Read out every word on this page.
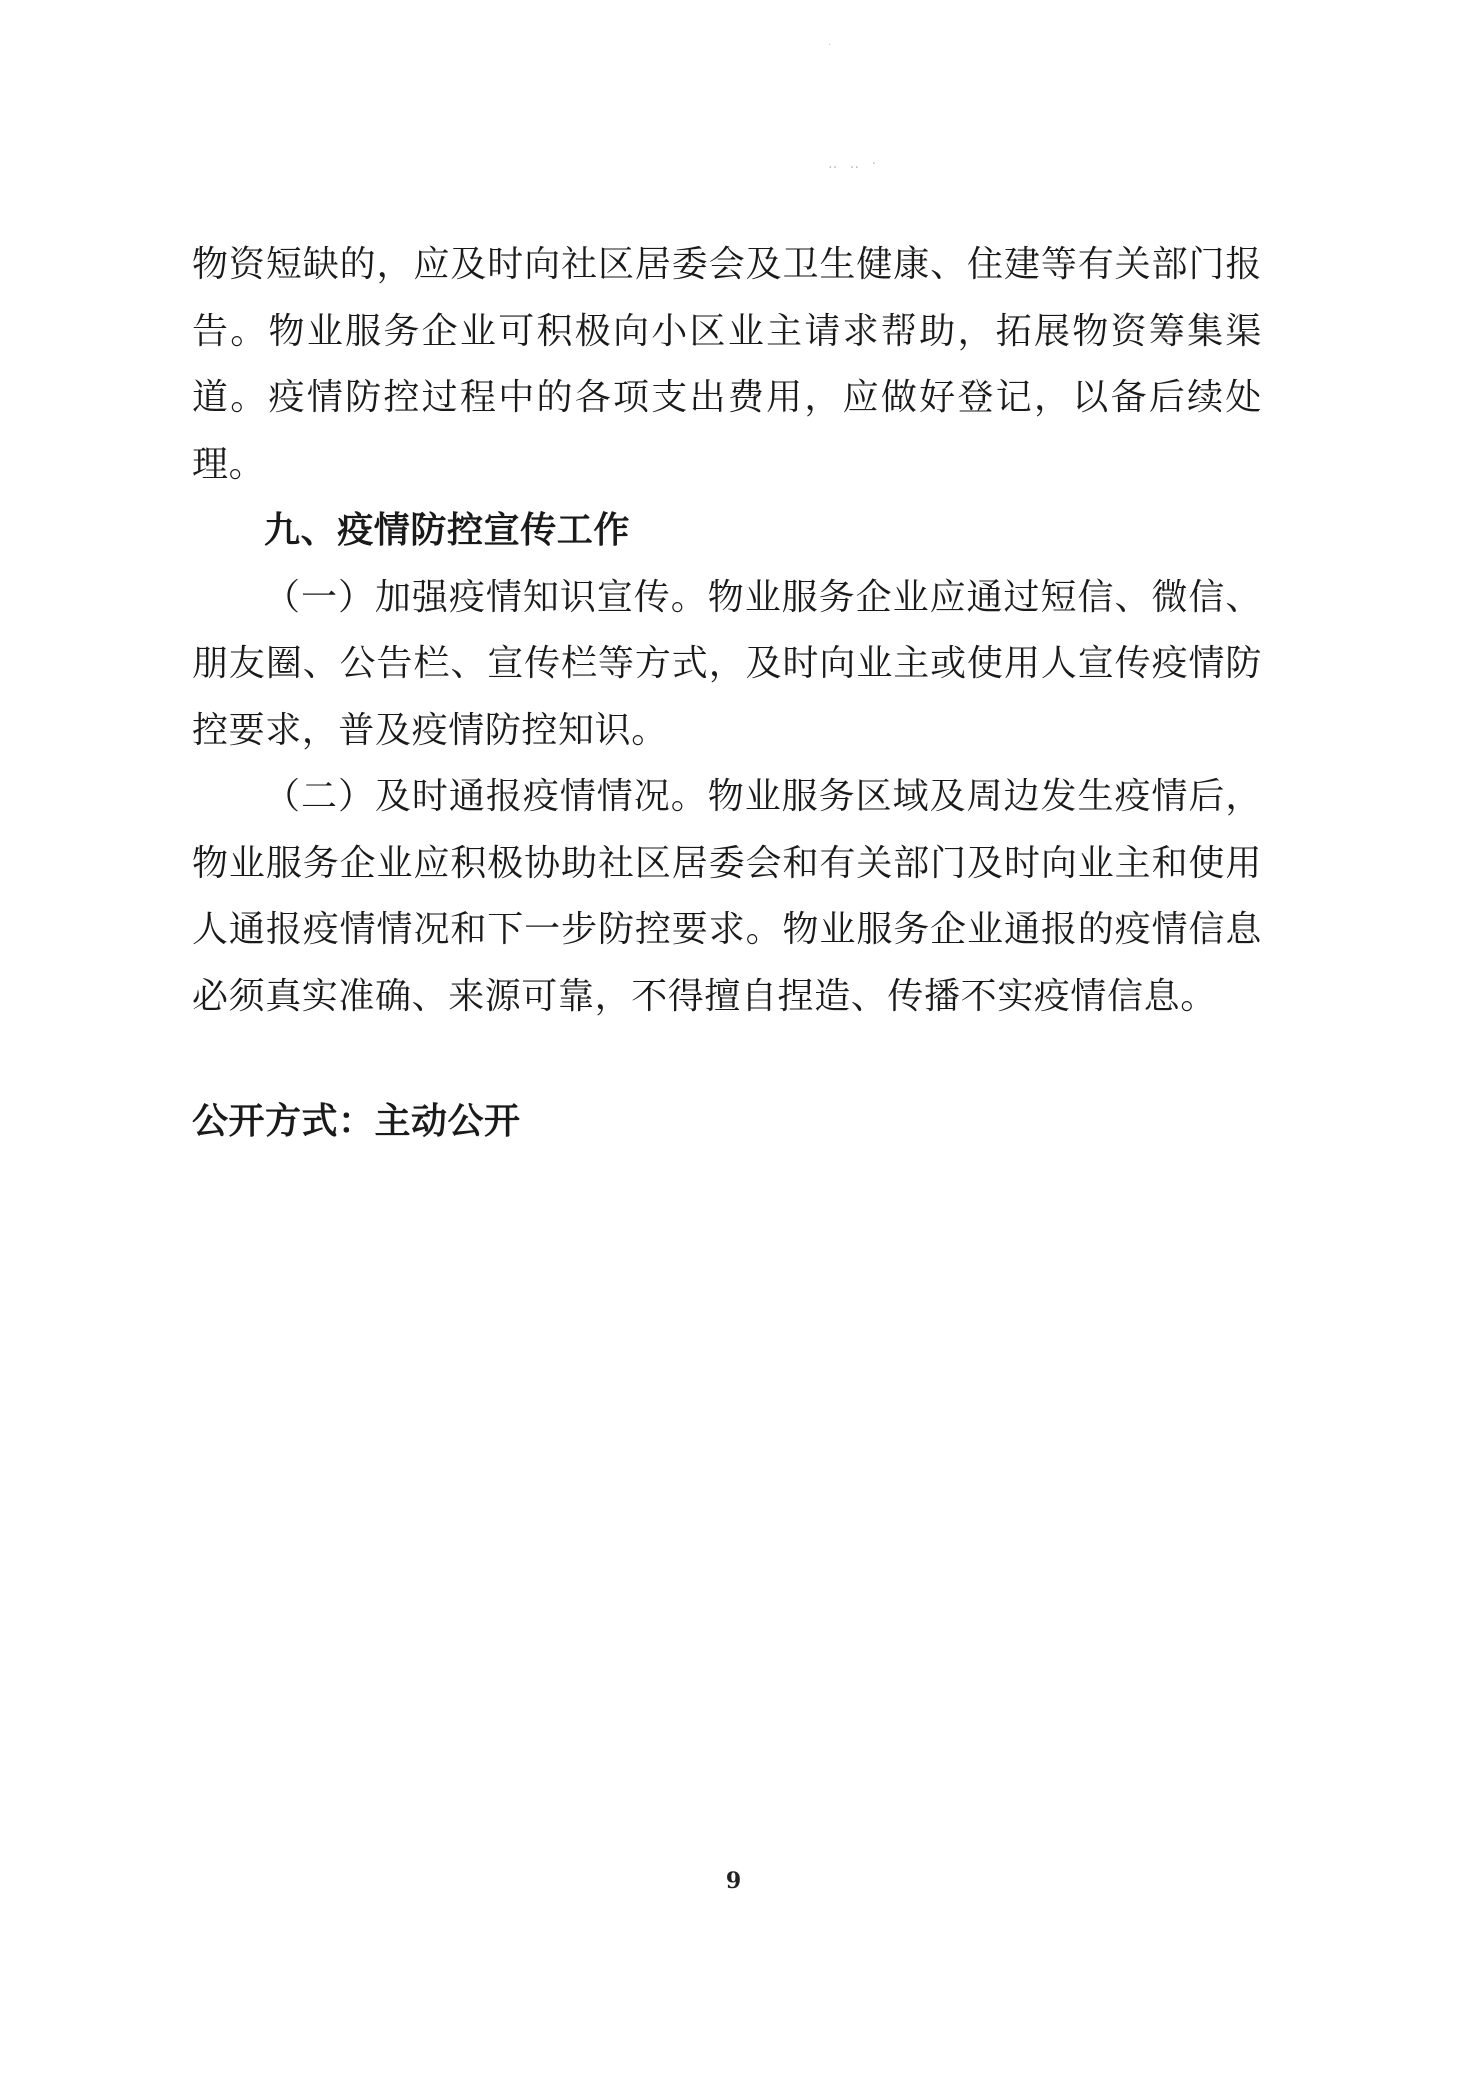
·
‥ ‥ ·

物资短缺的，应及时向社区居委会及卫生健康、住建等有关部门报告。物业服务企业可积极向小区业主请求帮助，拓展物资筹集渠道。疫情防控过程中的各项支出费用，应做好登记，以备后续处理。

九、疫情防控宣传工作

（一）加强疫情知识宣传。物业服务企业应通过短信、微信、朋友圈、公告栏、宣传栏等方式，及时向业主或使用人宣传疫情防控要求，普及疫情防控知识。

（二）及时通报疫情情况。物业服务区域及周边发生疫情后，物业服务企业应积极协助社区居委会和有关部门及时向业主和使用人通报疫情情况和下一步防控要求。物业服务企业通报的疫情信息必须真实准确、来源可靠，不得擅自捏造、传播不实疫情信息。

公开方式：主动公开
9
